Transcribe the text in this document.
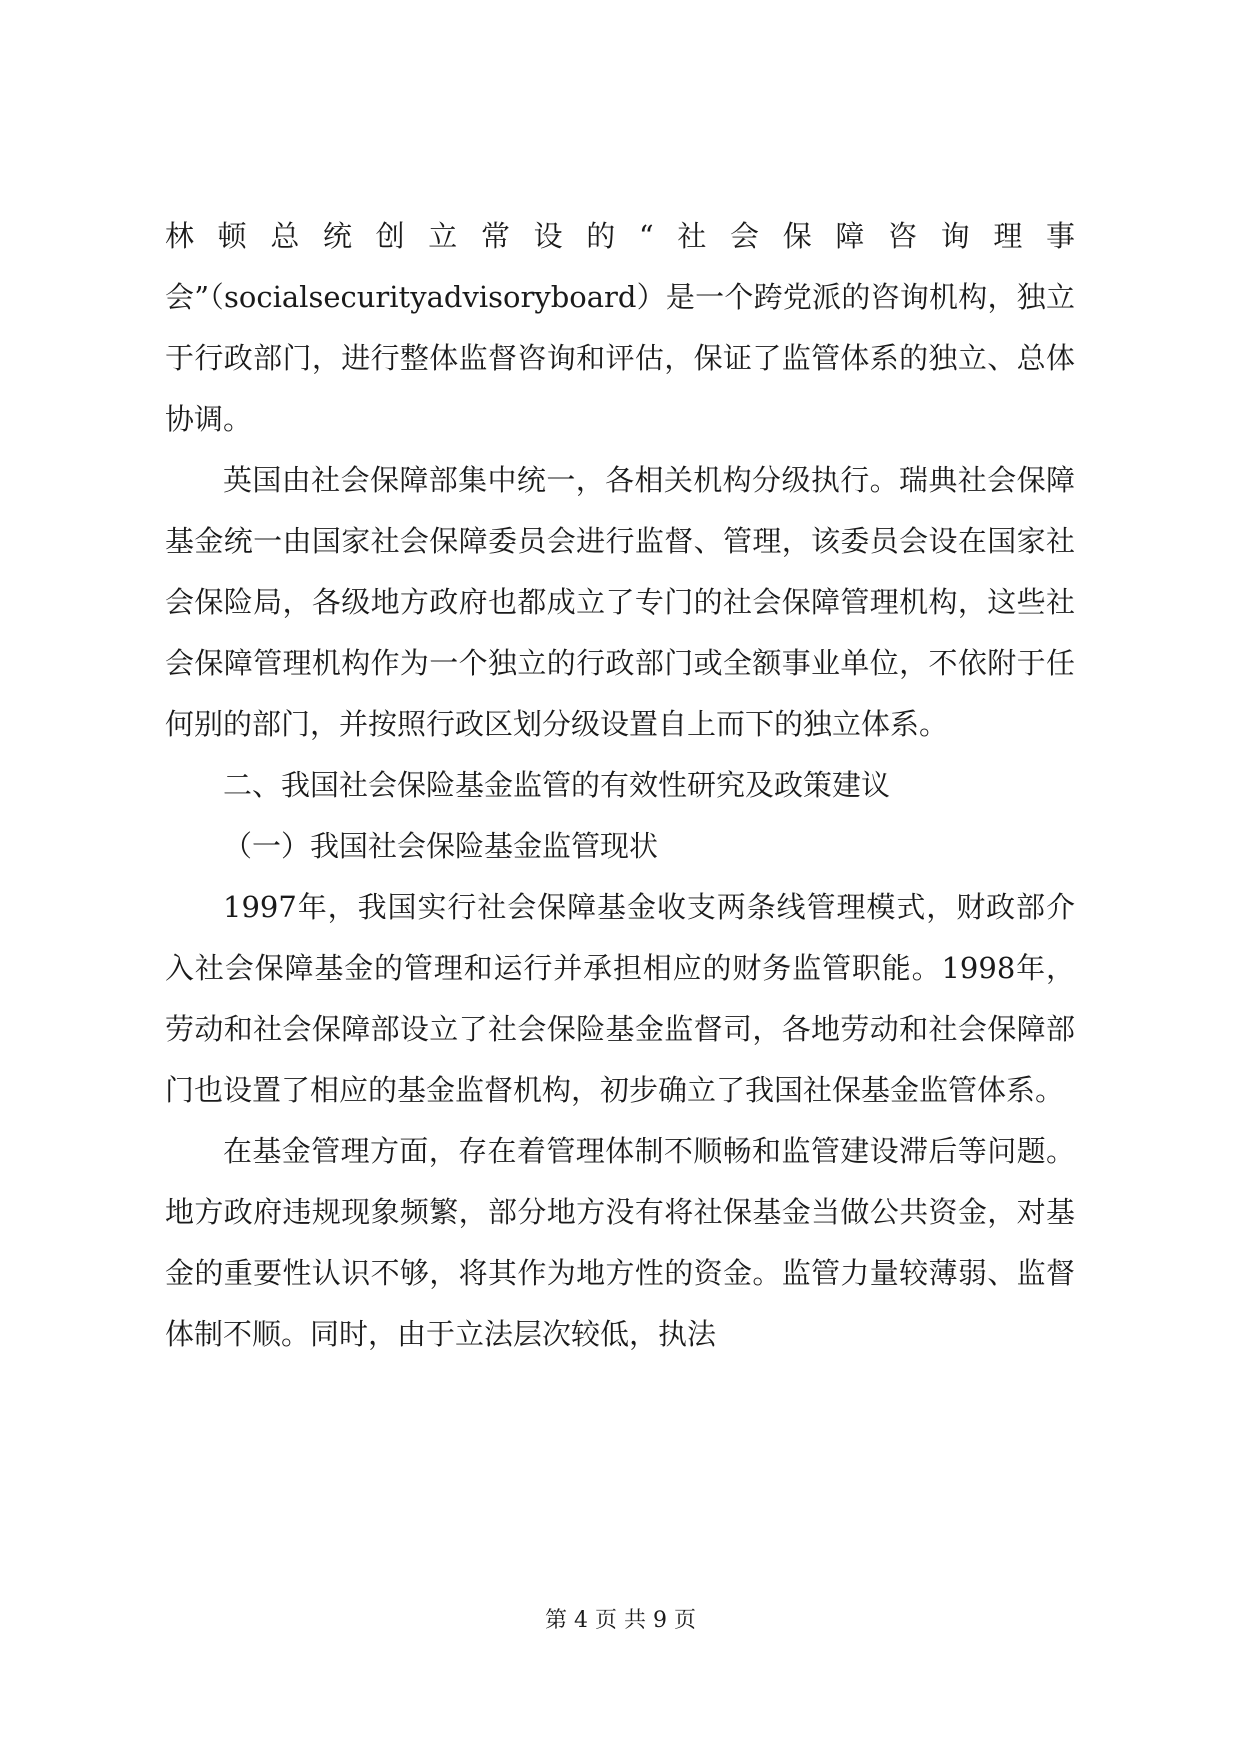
林顿总统创立常设的“社会保障咨询理事会”（socialsecurityadvisoryboard）是一个跨党派的咨询机构，独立于行政部门，进行整体监督咨询和评估，保证了监管体系的独立、总体协调。

英国由社会保障部集中统一，各相关机构分级执行。瑞典社会保障基金统一由国家社会保障委员会进行监督、管理，该委员会设在国家社会保险局，各级地方政府也都成立了专门的社会保障管理机构，这些社会保障管理机构作为一个独立的行政部门或全额事业单位，不依附于任何别的部门，并按照行政区划分级设置自上而下的独立体系。

二、我国社会保险基金监管的有效性研究及政策建议

（一）我国社会保险基金监管现状

1997年，我国实行社会保障基金收支两条线管理模式，财政部介入社会保障基金的管理和运行并承担相应的财务监管职能。1998年，劳动和社会保障部设立了社会保险基金监督司，各地劳动和社会保障部门也设置了相应的基金监督机构，初步确立了我国社保基金监管体系。

在基金管理方面，存在着管理体制不顺畅和监管建设滞后等问题。地方政府违规现象频繁，部分地方没有将社保基金当做公共资金，对基金的重要性认识不够，将其作为地方性的资金。监管力量较薄弱、监督体制不顺。同时，由于立法层次较低，执法

第 4 页 共 9 页
